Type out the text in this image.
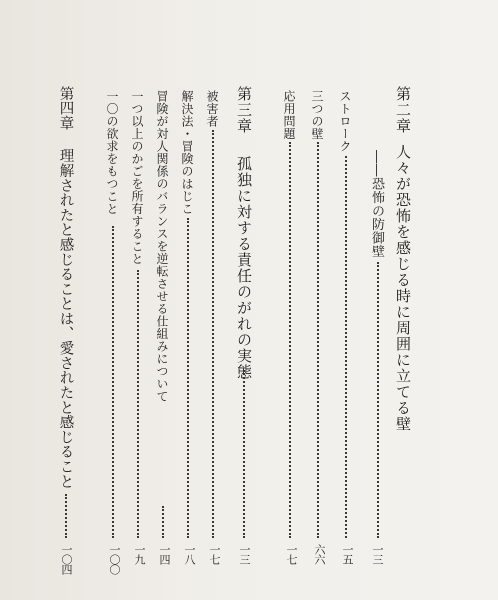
第二章人々が恐怖を感じる時に周囲に立てる壁
――恐怖の防御壁
一三
ストローク
一五
三つの壁
六六
応用問題
一七
第三章孤独に対する責任のがれの実態
一三
被害者
一七
解決法・冒険のはじこ
一八
冒険が対人関係のバランスを逆転させる仕組みについて
一四
一つ以上のかごを所有すること
一九
一〇の欲求をもつこと
一〇〇
第四章理解されたと感じることは、愛されたと感じること
一〇四
